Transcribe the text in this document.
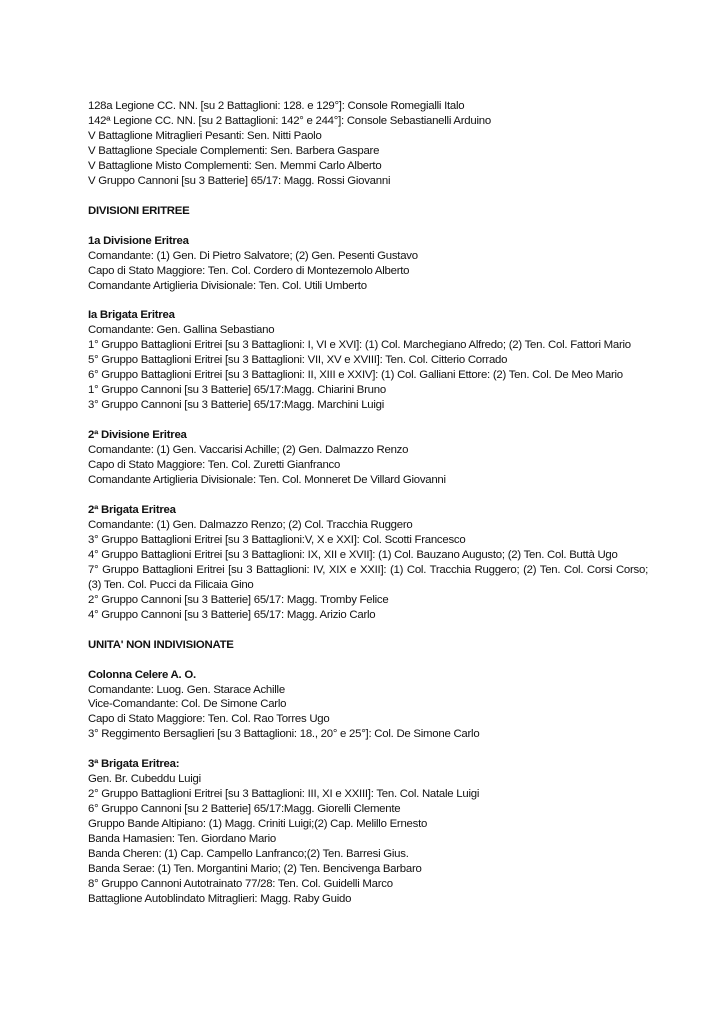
128a Legione CC. NN. [su 2 Battaglioni: 128. e 129°]: Console Romegialli Italo
142ª Legione CC. NN. [su 2 Battaglioni: 142° e 244°]: Console Sebastianelli Arduino
V Battaglione Mitraglieri Pesanti: Sen. Nitti Paolo
V Battaglione Speciale Complementi: Sen. Barbera Gaspare
V Battaglione Misto Complementi: Sen. Memmi Carlo Alberto
V Gruppo Cannoni [su 3 Batterie] 65/17: Magg. Rossi Giovanni
DIVISIONI ERITREE
1a Divisione Eritrea
Comandante: (1) Gen. Di Pietro Salvatore; (2) Gen. Pesenti Gustavo
Capo di Stato Maggiore: Ten. Col. Cordero di Montezemolo Alberto
Comandante Artiglieria Divisionale: Ten. Col. Utili Umberto
Ia Brigata Eritrea
Comandante: Gen. Gallina Sebastiano
1° Gruppo Battaglioni Eritrei [su 3 Battaglioni: I, VI e XVI]: (1) Col. Marchegiano Alfredo; (2) Ten. Col. Fattori Mario
5° Gruppo Battaglioni Eritrei [su 3 Battaglioni: VII, XV e XVIII]: Ten. Col. Citterio Corrado
6° Gruppo Battaglioni Eritrei [su 3 Battaglioni: II, XIII e XXIV]: (1) Col. Galliani Ettore: (2) Ten. Col. De Meo Mario
1° Gruppo Cannoni [su 3 Batterie] 65/17:Magg. Chiarini Bruno
3° Gruppo Cannoni [su 3 Batterie] 65/17:Magg. Marchini Luigi
2ª Divisione Eritrea
Comandante: (1) Gen. Vaccarisi Achille; (2) Gen. Dalmazzo Renzo
Capo di Stato Maggiore: Ten. Col. Zuretti Gianfranco
Comandante Artiglieria Divisionale: Ten. Col. Monneret De Villard Giovanni
2ª Brigata Eritrea
Comandante: (1) Gen. Dalmazzo Renzo; (2) Col. Tracchia Ruggero
3° Gruppo Battaglioni Eritrei [su 3 Battaglioni:V, X e XXI]: Col. Scotti Francesco
4° Gruppo Battaglioni Eritrei [su 3 Battaglioni: IX, XII e XVII]: (1) Col. Bauzano Augusto; (2) Ten. Col. Buttà Ugo
7° Gruppo Battaglioni Eritrei [su 3 Battaglioni: IV, XIX e XXII]: (1) Col. Tracchia Ruggero; (2) Ten. Col. Corsi Corso; (3) Ten. Col. Pucci da Filicaia Gino
2° Gruppo Cannoni [su 3 Batterie] 65/17: Magg. Tromby Felice
4° Gruppo Cannoni [su 3 Batterie] 65/17: Magg. Arizio Carlo
UNITA' NON INDIVISIONATE
Colonna Celere A. O.
Comandante: Luog. Gen. Starace Achille
Vice-Comandante: Col. De Simone Carlo
Capo di Stato Maggiore: Ten. Col. Rao Torres Ugo
3° Reggimento Bersaglieri [su 3 Battaglioni: 18., 20° e 25°]: Col. De Simone Carlo
3ª Brigata Eritrea:
Gen. Br. Cubeddu Luigi
2° Gruppo Battaglioni Eritrei [su 3 Battaglioni: III, XI e XXIII]: Ten. Col. Natale Luigi
6° Gruppo Cannoni [su 2 Batterie] 65/17:Magg. Giorelli Clemente
Gruppo Bande Altipiano: (1) Magg. Criniti Luigi;(2) Cap. Melillo Ernesto
Banda Hamasien: Ten. Giordano Mario
Banda Cheren: (1) Cap. Campello Lanfranco;(2) Ten. Barresi Gius.
Banda Serae: (1) Ten. Morgantini Mario; (2) Ten. Bencivenga Barbaro
8° Gruppo Cannoni Autotrainato 77/28: Ten. Col. Guidelli Marco
Battaglione Autoblindato Mitraglieri: Magg. Raby Guido
